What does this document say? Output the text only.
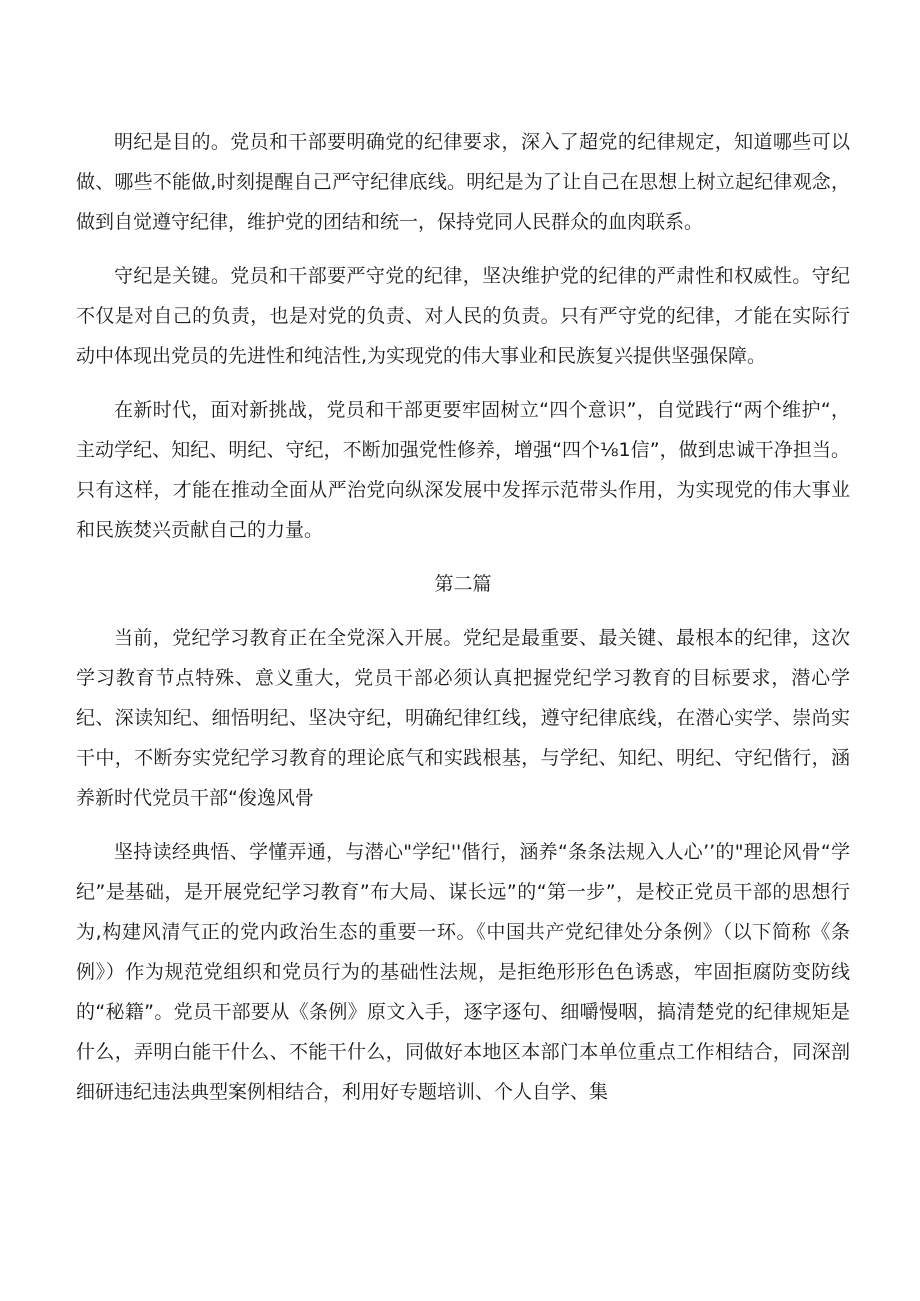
明纪是目的。党员和干部要明确党的纪律要求，深入了超党的纪律规定，知道哪些可以做、哪些不能做,时刻提醒自己严守纪律底线。明纪是为了让自己在思想上树立起纪律观念，做到自觉遵守纪律，维护党的团结和统一，保持党同人民群众的血肉联系。

守纪是关键。党员和干部要严守党的纪律，坚决维护党的纪律的严肃性和权威性。守纪不仅是对自己的负责，也是对党的负责、对人民的负责。只有严守党的纪律，才能在实际行动中体现出党员的先进性和纯洁性,为实现党的伟大事业和民族复兴提供坚强保障。

在新时代，面对新挑战，党员和干部更要牢固树立“四个意识”，自觉践行“两个维护“，主动学纪、知纪、明纪、守纪，不断加强党性修养，增强“四个⅛1信”，做到忠诚干净担当。只有这样，才能在推动全面从严治党向纵深发展中发挥示范带头作用，为实现党的伟大事业和民族焚兴贡献自己的力量。

第二篇

当前，党纪学习教育正在全党深入开展。党纪是最重要、最关键、最根本的纪律，这次学习教育节点特殊、意义重大，党员干部必须认真把握党纪学习教育的目标要求，潜心学纪、深读知纪、细悟明纪、坚决守纪，明确纪律红线，遵守纪律底线，在潜心实学、崇尚实干中，不断夯实党纪学习教育的理论底气和实践根基，与学纪、知纪、明纪、守纪偕行，涵养新时代党员干部“俊逸风骨

坚持读经典悟、学懂弄通，与潜心"学纪''偕行，涵养“条条法规入人心’’的"理论风骨“学纪”是基础，是开展党纪学习教育”布大局、谋长远”的“第一步”，是校正党员干部的思想行为,构建风清气正的党内政治生态的重要一环。《中国共产党纪律处分条例》（以下简称《条例》）作为规范党组织和党员行为的基础性法规，是拒绝形形色色诱惑，牢固拒腐防变防线的“秘籍”。党员干部要从《条例》原文入手，逐字逐句、细嚼慢咽，搞清楚党的纪律规矩是什么，弄明白能干什么、不能干什么，同做好本地区本部门本单位重点工作相结合，同深剖细研违纪违法典型案例相结合，利用好专题培训、个人自学、集
